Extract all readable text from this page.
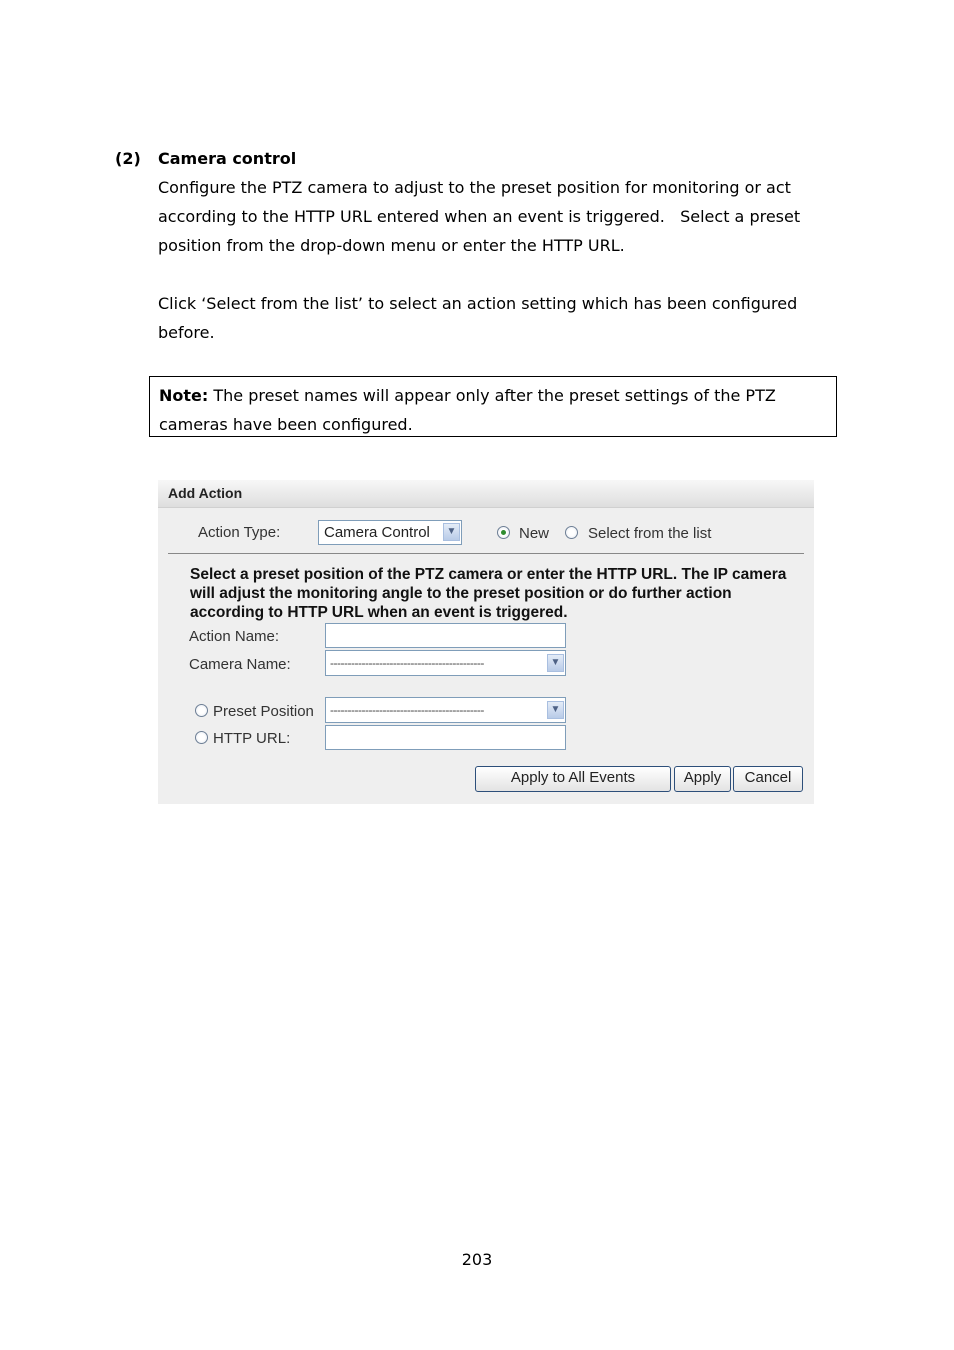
(2) Camera control
Configure the PTZ camera to adjust to the preset position for monitoring or act
according to the HTTP URL entered when an event is triggered.   Select a preset
position from the drop-down menu or enter the HTTP URL.
Click ‘Select from the list’ to select an action setting which has been configured
before.
Note: The preset names will appear only after the preset settings of the PTZ cameras have been configured.
Add Action
Action Type:	Camera Control	▼	New	Select from the list
Select a preset position of the PTZ camera or enter the HTTP URL. The IP camera will adjust the monitoring angle to the preset position or do further action according to HTTP URL when an event is triggered.
Action Name:
Camera Name:	--------------------------------------------	▼
Preset Position --------------------------------------------	▼
HTTP URL:
Apply to All Events	Apply	Cancel
203
